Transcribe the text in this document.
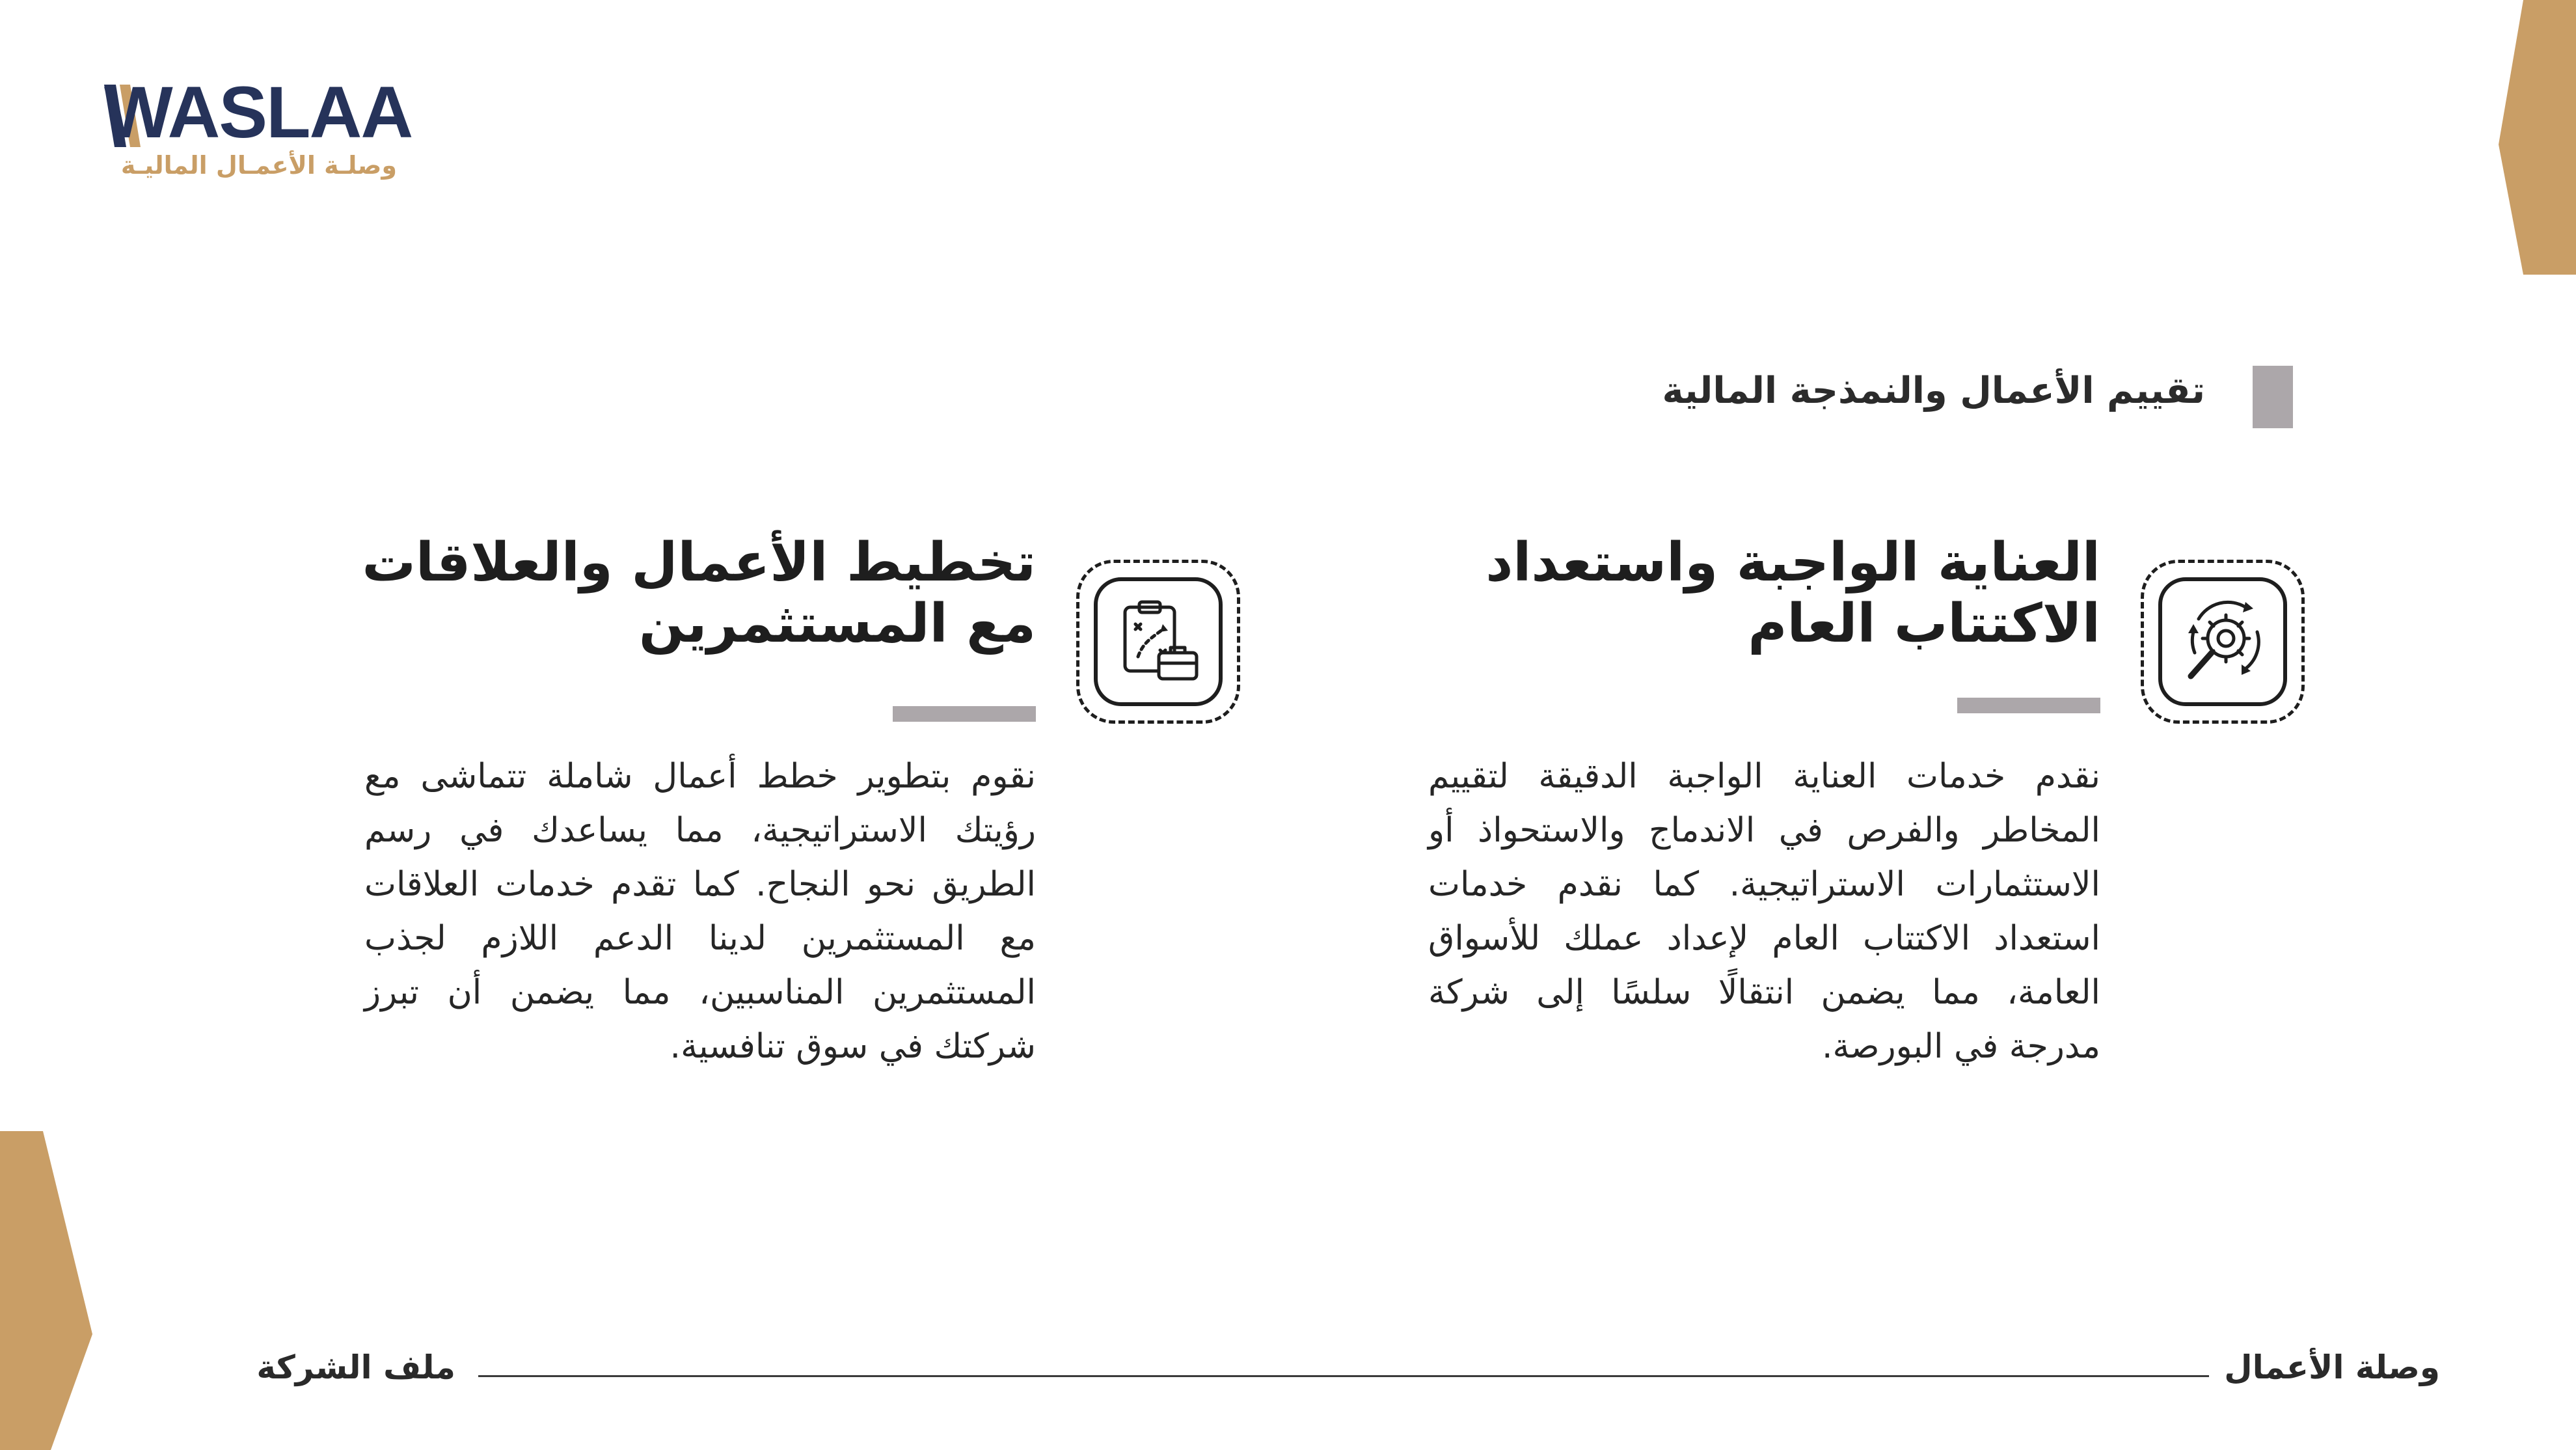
WASLAA
وصلـة الأعمـال الماليـة
تقييم الأعمال والنمذجة المالية
العناية الواجبة واستعداد
الاكتتاب العام
نقدم خدمات العناية الواجبة الدقيقة لتقييم المخاطر والفرص في الاندماج والاستحواذ أو الاستثمارات الاستراتيجية. كما نقدم خدمات استعداد الاكتتاب العام لإعداد عملك للأسواق العامة، مما يضمن انتقالًا سلسًا إلى شركة مدرجة في البورصة.
تخطيط الأعمال والعلاقات
مع المستثمرين
نقوم بتطوير خطط أعمال شاملة تتماشى مع رؤيتك الاستراتيجية، مما يساعدك في رسم الطريق نحو النجاح. كما تقدم خدمات العلاقات مع المستثمرين لدينا الدعم اللازم لجذب المستثمرين المناسبين، مما يضمن أن تبرز شركتك في سوق تنافسية.
وصلة الأعمال
ملف الشركة
